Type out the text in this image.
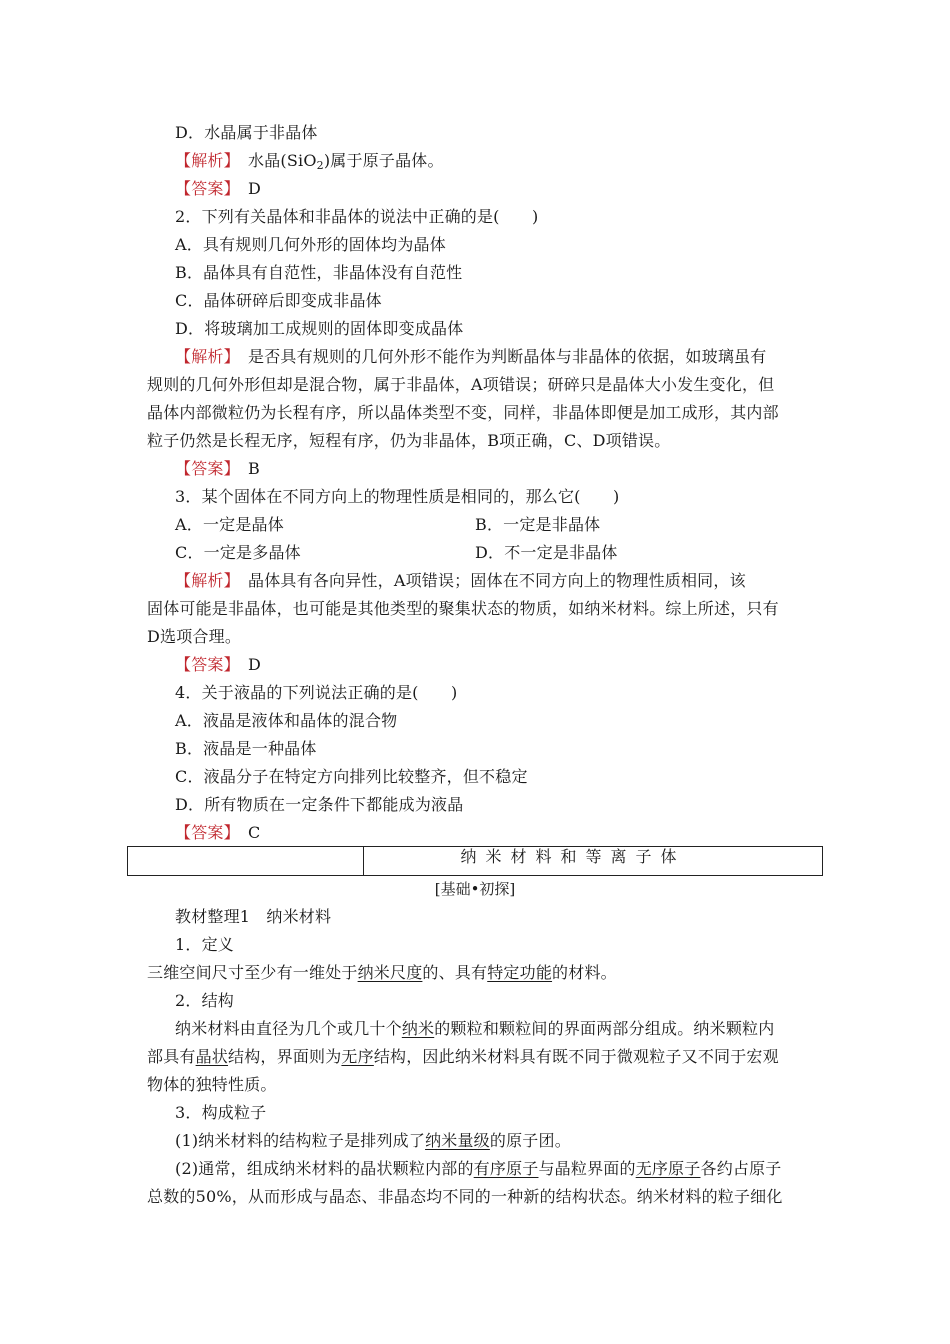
D．水晶属于非晶体
【解析】　水晶(SiO$_2$)属于原子晶体。
【答案】　D
2．下列有关晶体和非晶体的说法中正确的是(　　)
A．具有规则几何外形的固体均为晶体
B．晶体具有自范性，非晶体没有自范性
C．晶体研碎后即变成非晶体
D．将玻璃加工成规则的固体即变成晶体
【解析】　是否具有规则的几何外形不能作为判断晶体与非晶体的依据，如玻璃虽有
规则的几何外形但却是混合物，属于非晶体，A项错误；研碎只是晶体大小发生变化，但
晶体内部微粒仍为长程有序，所以晶体类型不变，同样，非晶体即便是加工成形，其内部
粒子仍然是长程无序，短程有序，仍为非晶体，B项正确，C、D项错误。
【答案】　B
3．某个固体在不同方向上的物理性质是相同的，那么它(　　)
A．一定是晶体	B．一定是非晶体
C．一定是多晶体	D．不一定是非晶体
【解析】　晶体具有各向异性，A项错误；固体在不同方向上的物理性质相同，该
固体可能是非晶体，也可能是其他类型的聚集状态的物质，如纳米材料。综上所述，只有
D选项合理。
【答案】　D
4．关于液晶的下列说法正确的是(　　)
A．液晶是液体和晶体的混合物
B．液晶是一种晶体
C．液晶分子在特定方向排列比较整齐，但不稳定
D．所有物质在一定条件下都能成为液晶
【答案】　C
纳米材料和等离子体
[基础•初探]
教材整理1　纳米材料
1．定义
三维空间尺寸至少有一维处于纳米尺度的、具有特定功能的材料。
2．结构
纳米材料由直径为几个或几十个纳米的颗粒和颗粒间的界面两部分组成。纳米颗粒内
部具有晶状结构，界面则为无序结构，因此纳米材料具有既不同于微观粒子又不同于宏观
物体的独特性质。
3．构成粒子
(1)纳米材料的结构粒子是排列成了纳米量级的原子团。
(2)通常，组成纳米材料的晶状颗粒内部的有序原子与晶粒界面的无序原子各约占原子
总数的50%，从而形成与晶态、非晶态均不同的一种新的结构状态。纳米材料的粒子细化
